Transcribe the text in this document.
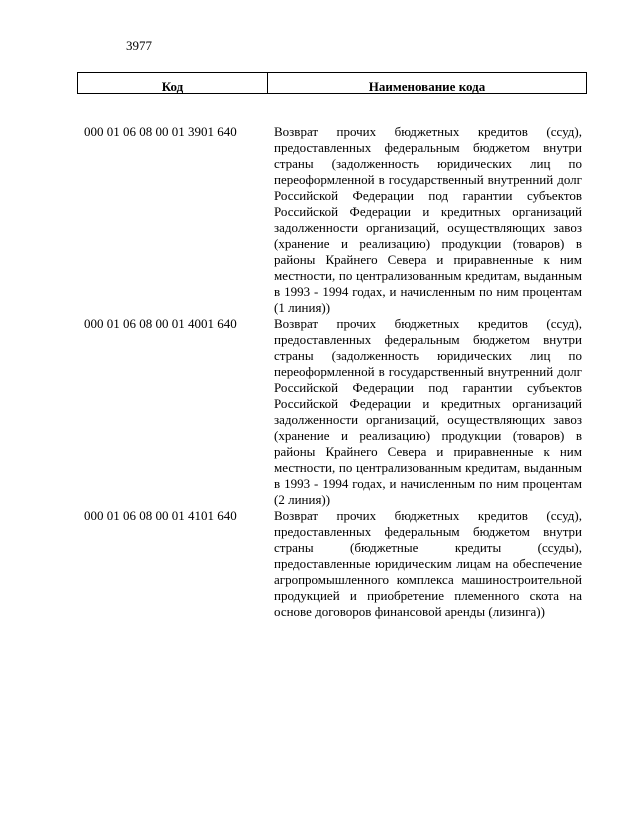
3977
Код	Наименование кода
000 01 06 08 00 01 3901 640	Возврат прочих бюджетных кредитов (ссуд), предоставленных федеральным бюджетом внутри страны (задолженность юридических лиц по переоформленной в государственный внутренний долг Российской Федерации под гарантии субъектов Российской Федерации и кредитных организаций задолженности организаций, осуществляющих завоз (хранение и реализацию) продукции (товаров) в районы Крайнего Севера и приравненные к ним местности, по централизованным кредитам, выданным в 1993 - 1994 годах, и начисленным по ним процентам (1 линия))
000 01 06 08 00 01 4001 640	Возврат прочих бюджетных кредитов (ссуд), предоставленных федеральным бюджетом внутри страны (задолженность юридических лиц по переоформленной в государственный внутренний долг Российской Федерации под гарантии субъектов Российской Федерации и кредитных организаций задолженности организаций, осуществляющих завоз (хранение и реализацию) продукции (товаров) в районы Крайнего Севера и приравненные к ним местности, по централизованным кредитам, выданным в 1993 - 1994 годах, и начисленным по ним процентам (2 линия))
000 01 06 08 00 01 4101 640	Возврат прочих бюджетных кредитов (ссуд), предоставленных федеральным бюджетом внутри страны (бюджетные кредиты (ссуды), предоставленные юридическим лицам на обеспечение агропромышленного комплекса машиностроительной продукцией и приобретение племенного скота на основе договоров финансовой аренды (лизинга))
